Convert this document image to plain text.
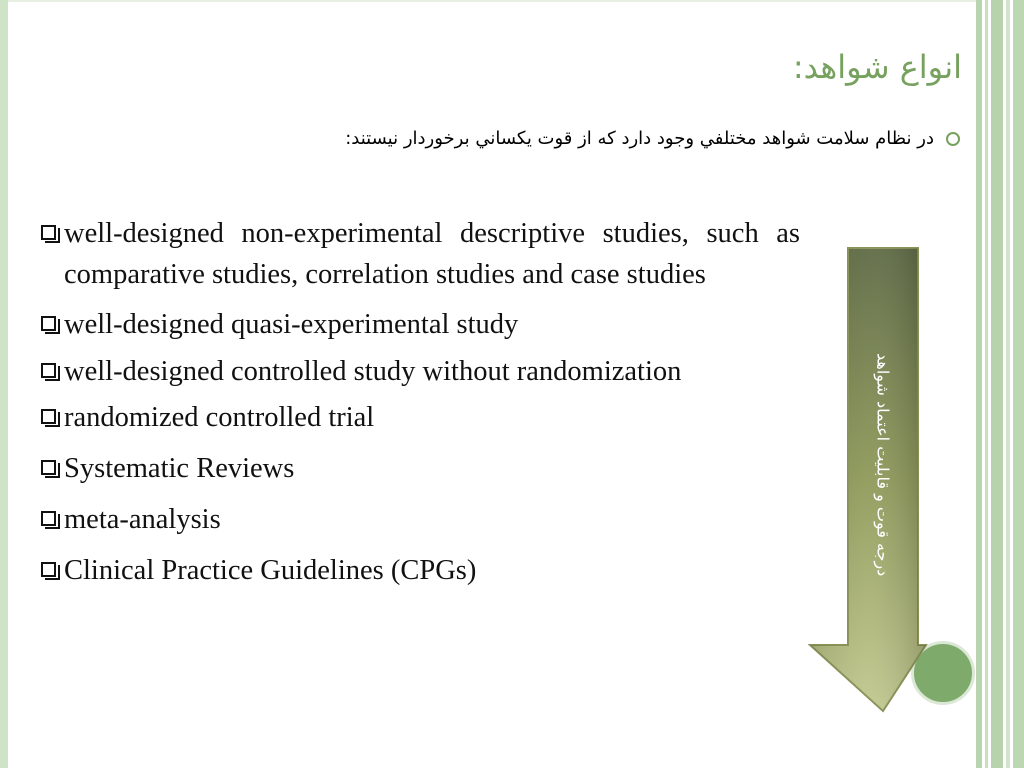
انواع شواهد:
در نظام سلامت شواهد مختلفي وجود دارد که از قوت يکساني برخوردار نيستند:
well-designed non-experimental descriptive studies, such as comparative studies, correlation studies and case studies
well-designed quasi-experimental study
well-designed controlled study without randomization
randomized controlled trial
Systematic Reviews
meta-analysis
Clinical Practice Guidelines (CPGs)	درجه قوت و قابليت اعتماد شواهد
